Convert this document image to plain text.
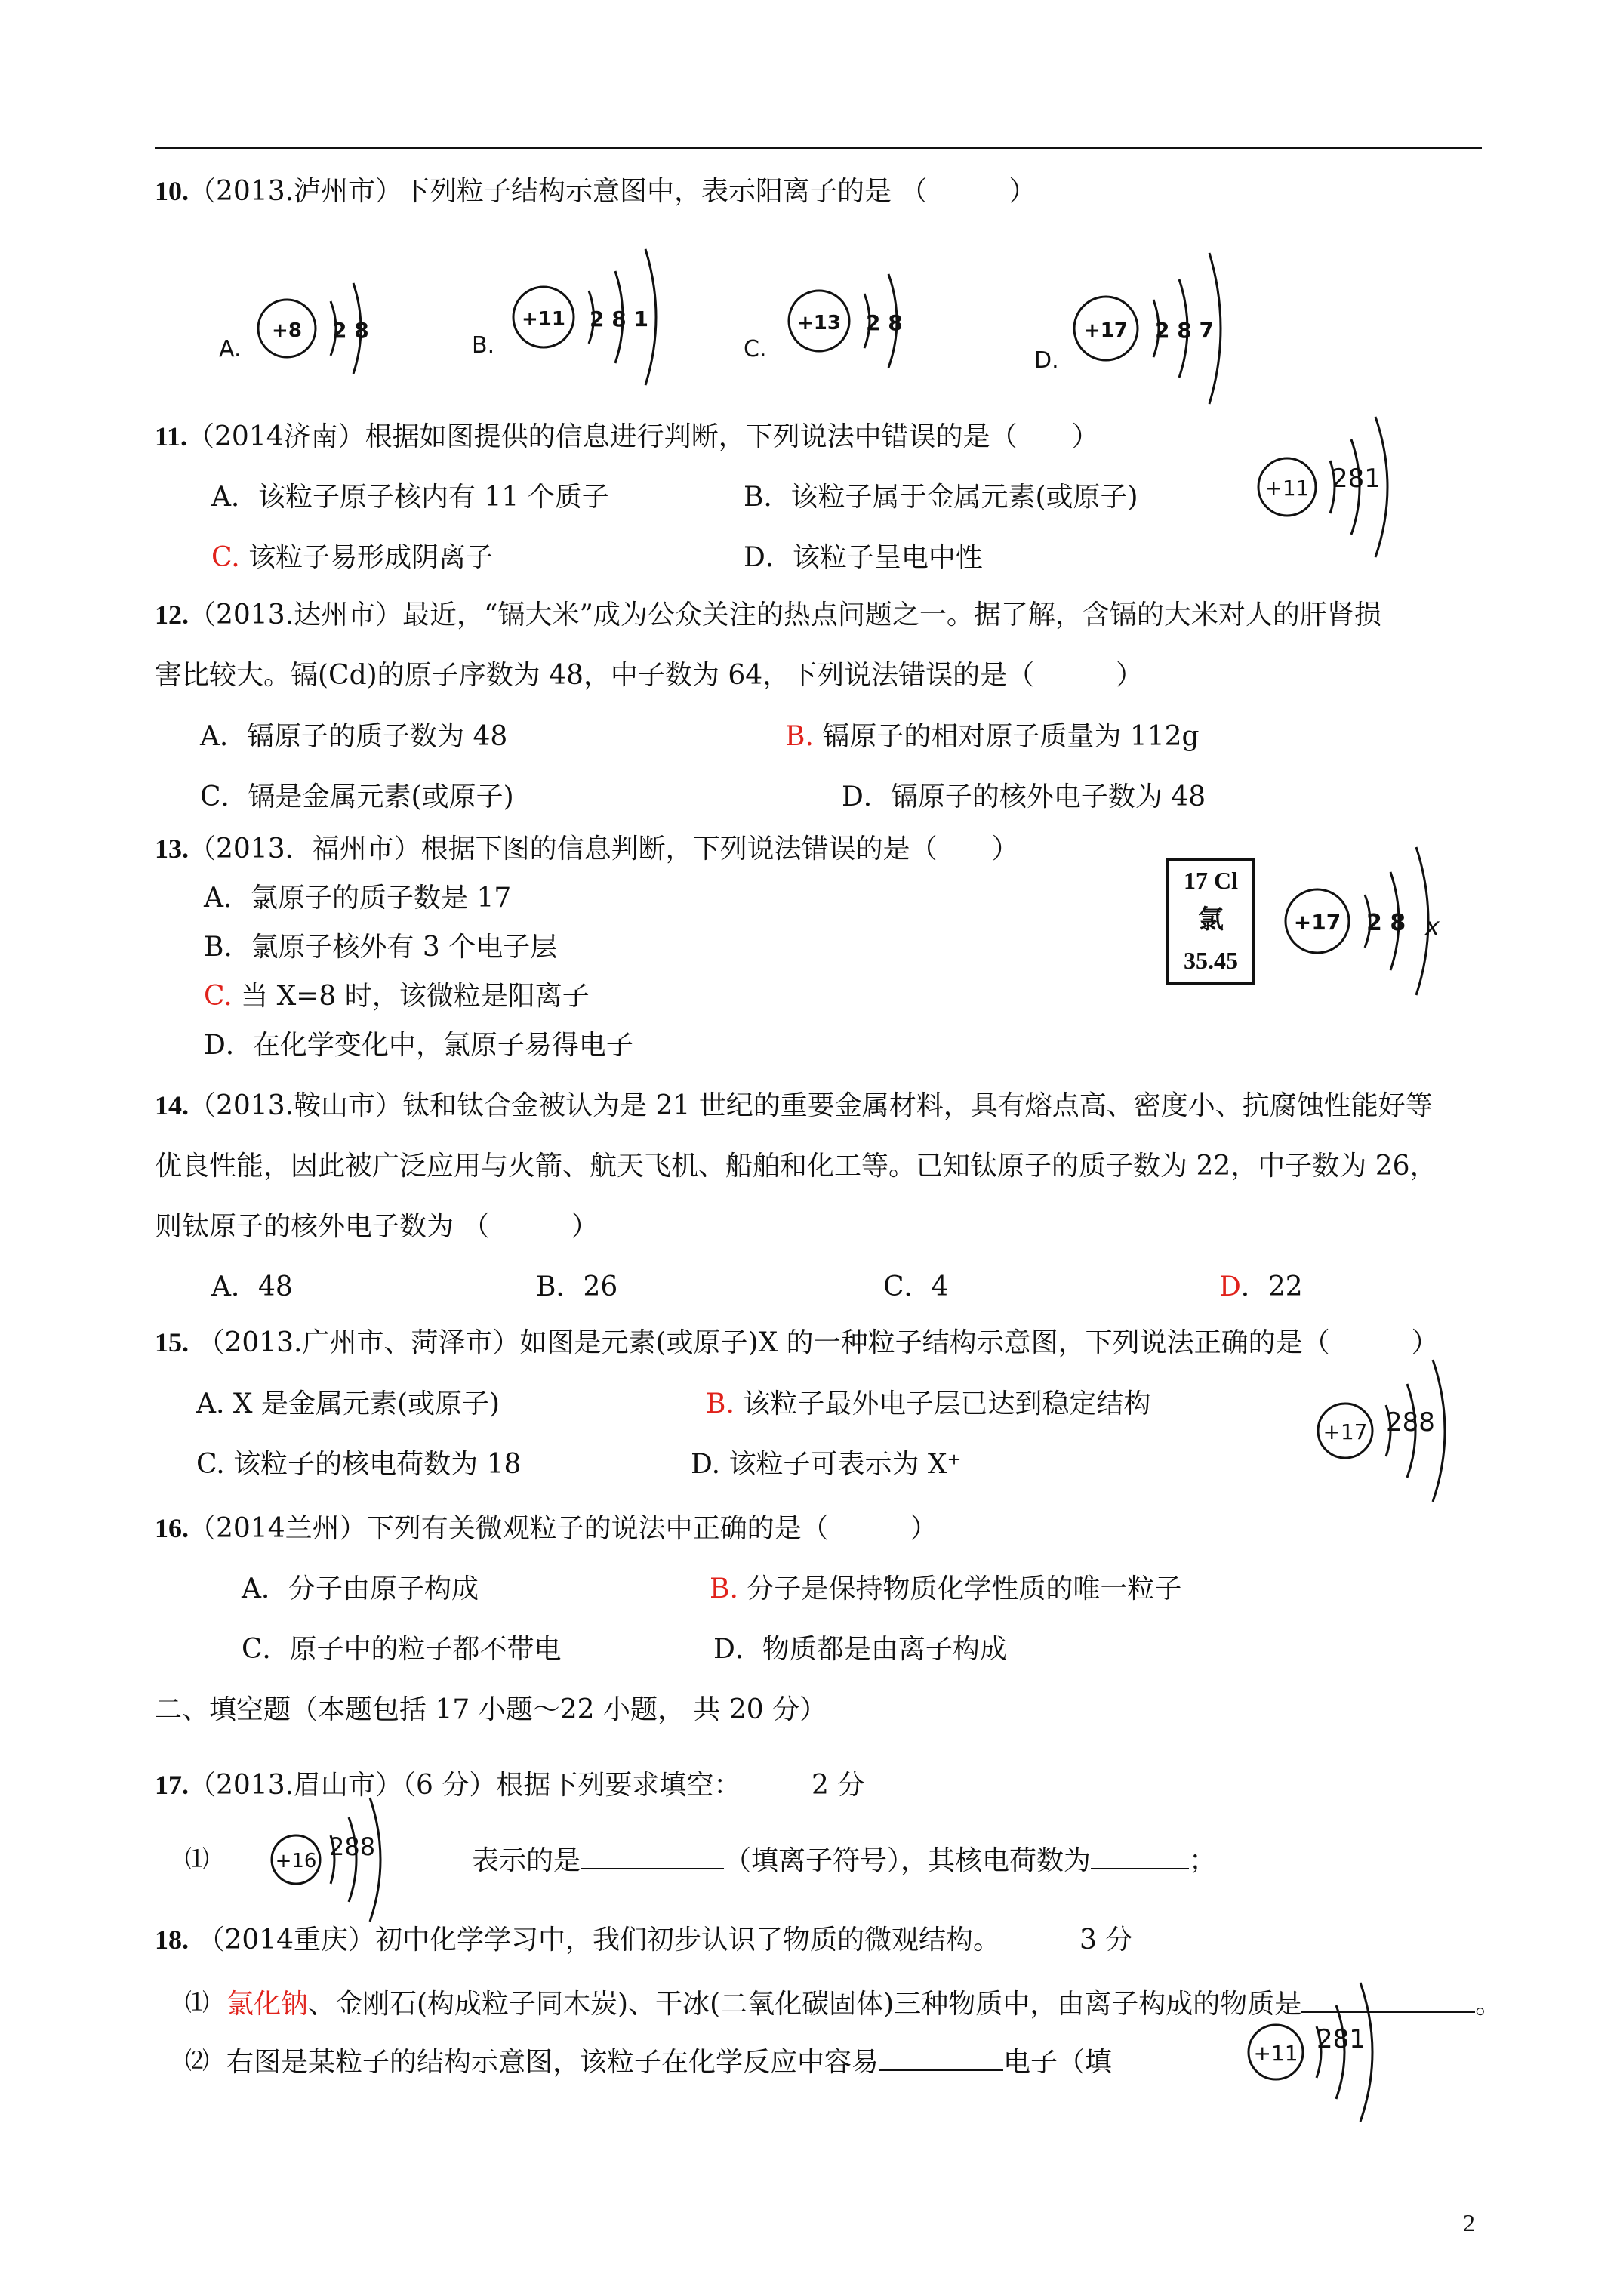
10.（2013.泸州市）下列粒子结构示意图中，表示阳离子的是 （　　　）
A.
+8 2 8
B.
+11 2 8 1
C.
+13 2 8
D.
+17 2 8 7
11.（2014济南）根据如图提供的信息进行判断，下列说法中错误的是（　　）
A．该粒子原子核内有 11 个质子	B．该粒子属于金属元素(或原子)
C. 该粒子易形成阴离子	D．该粒子呈电中性
+11 281
12.（2013.达州市）最近，“镉大米”成为公众关注的热点问题之一。据了解，含镉的大米对人的肝肾损
害比较大。镉(Cd)的原子序数为 48，中子数为 64，下列说法错误的是（　　　）
A．镉原子的质子数为 48	B. 镉原子的相对原子质量为 112g
C．镉是金属元素(或原子)	D．镉原子的核外电子数为 48
13.（2013．福州市）根据下图的信息判断，下列说法错误的是（　　）
A．氯原子的质子数是 17
B．氯原子核外有 3 个电子层
C. 当 X=8 时，该微粒是阳离子
D．在化学变化中，氯原子易得电子
17 Cl
氯
35.45
+17 2 8 x
14.（2013.鞍山市）钛和钛合金被认为是 21 世纪的重要金属材料，具有熔点高、密度小、抗腐蚀性能好等
优良性能，因此被广泛应用与火箭、航天飞机、船舶和化工等。已知钛原子的质子数为 22，中子数为 26，
则钛原子的核外电子数为 （　　　）
A．48	B．26	C．4	D．22
15. （2013.广州市、菏泽市）如图是元素(或原子)X 的一种粒子结构示意图，下列说法正确的是（　　　）
A. X 是金属元素(或原子)	B. 该粒子最外电子层已达到稳定结构
C. 该粒子的核电荷数为 18	D. 该粒子可表示为 X⁺
+17 288
16.（2014兰州）下列有关微观粒子的说法中正确的是（　　　）
A．分子由原子构成	B. 分子是保持物质化学性质的唯一粒子
C．原子中的粒子都不带电	D．物质都是由离子构成
二、填空题（本题包括 17 小题～22 小题， 共 20 分）
17.（2013.眉山市）（6 分）根据下列要求填空：	2 分
⑴	+16 288	表示的是	（填离子符号），其核电荷数为	；
18. （2014重庆）初中化学学习中，我们初步认识了物质的微观结构。	3 分
⑴ 氯化钠、金刚石(构成粒子同木炭)、干冰(二氧化碳固体)三种物质中，由离子构成的物质是	。
⑵ 右图是某粒子的结构示意图，该粒子在化学反应中容易	电子（填	+11 281
2
